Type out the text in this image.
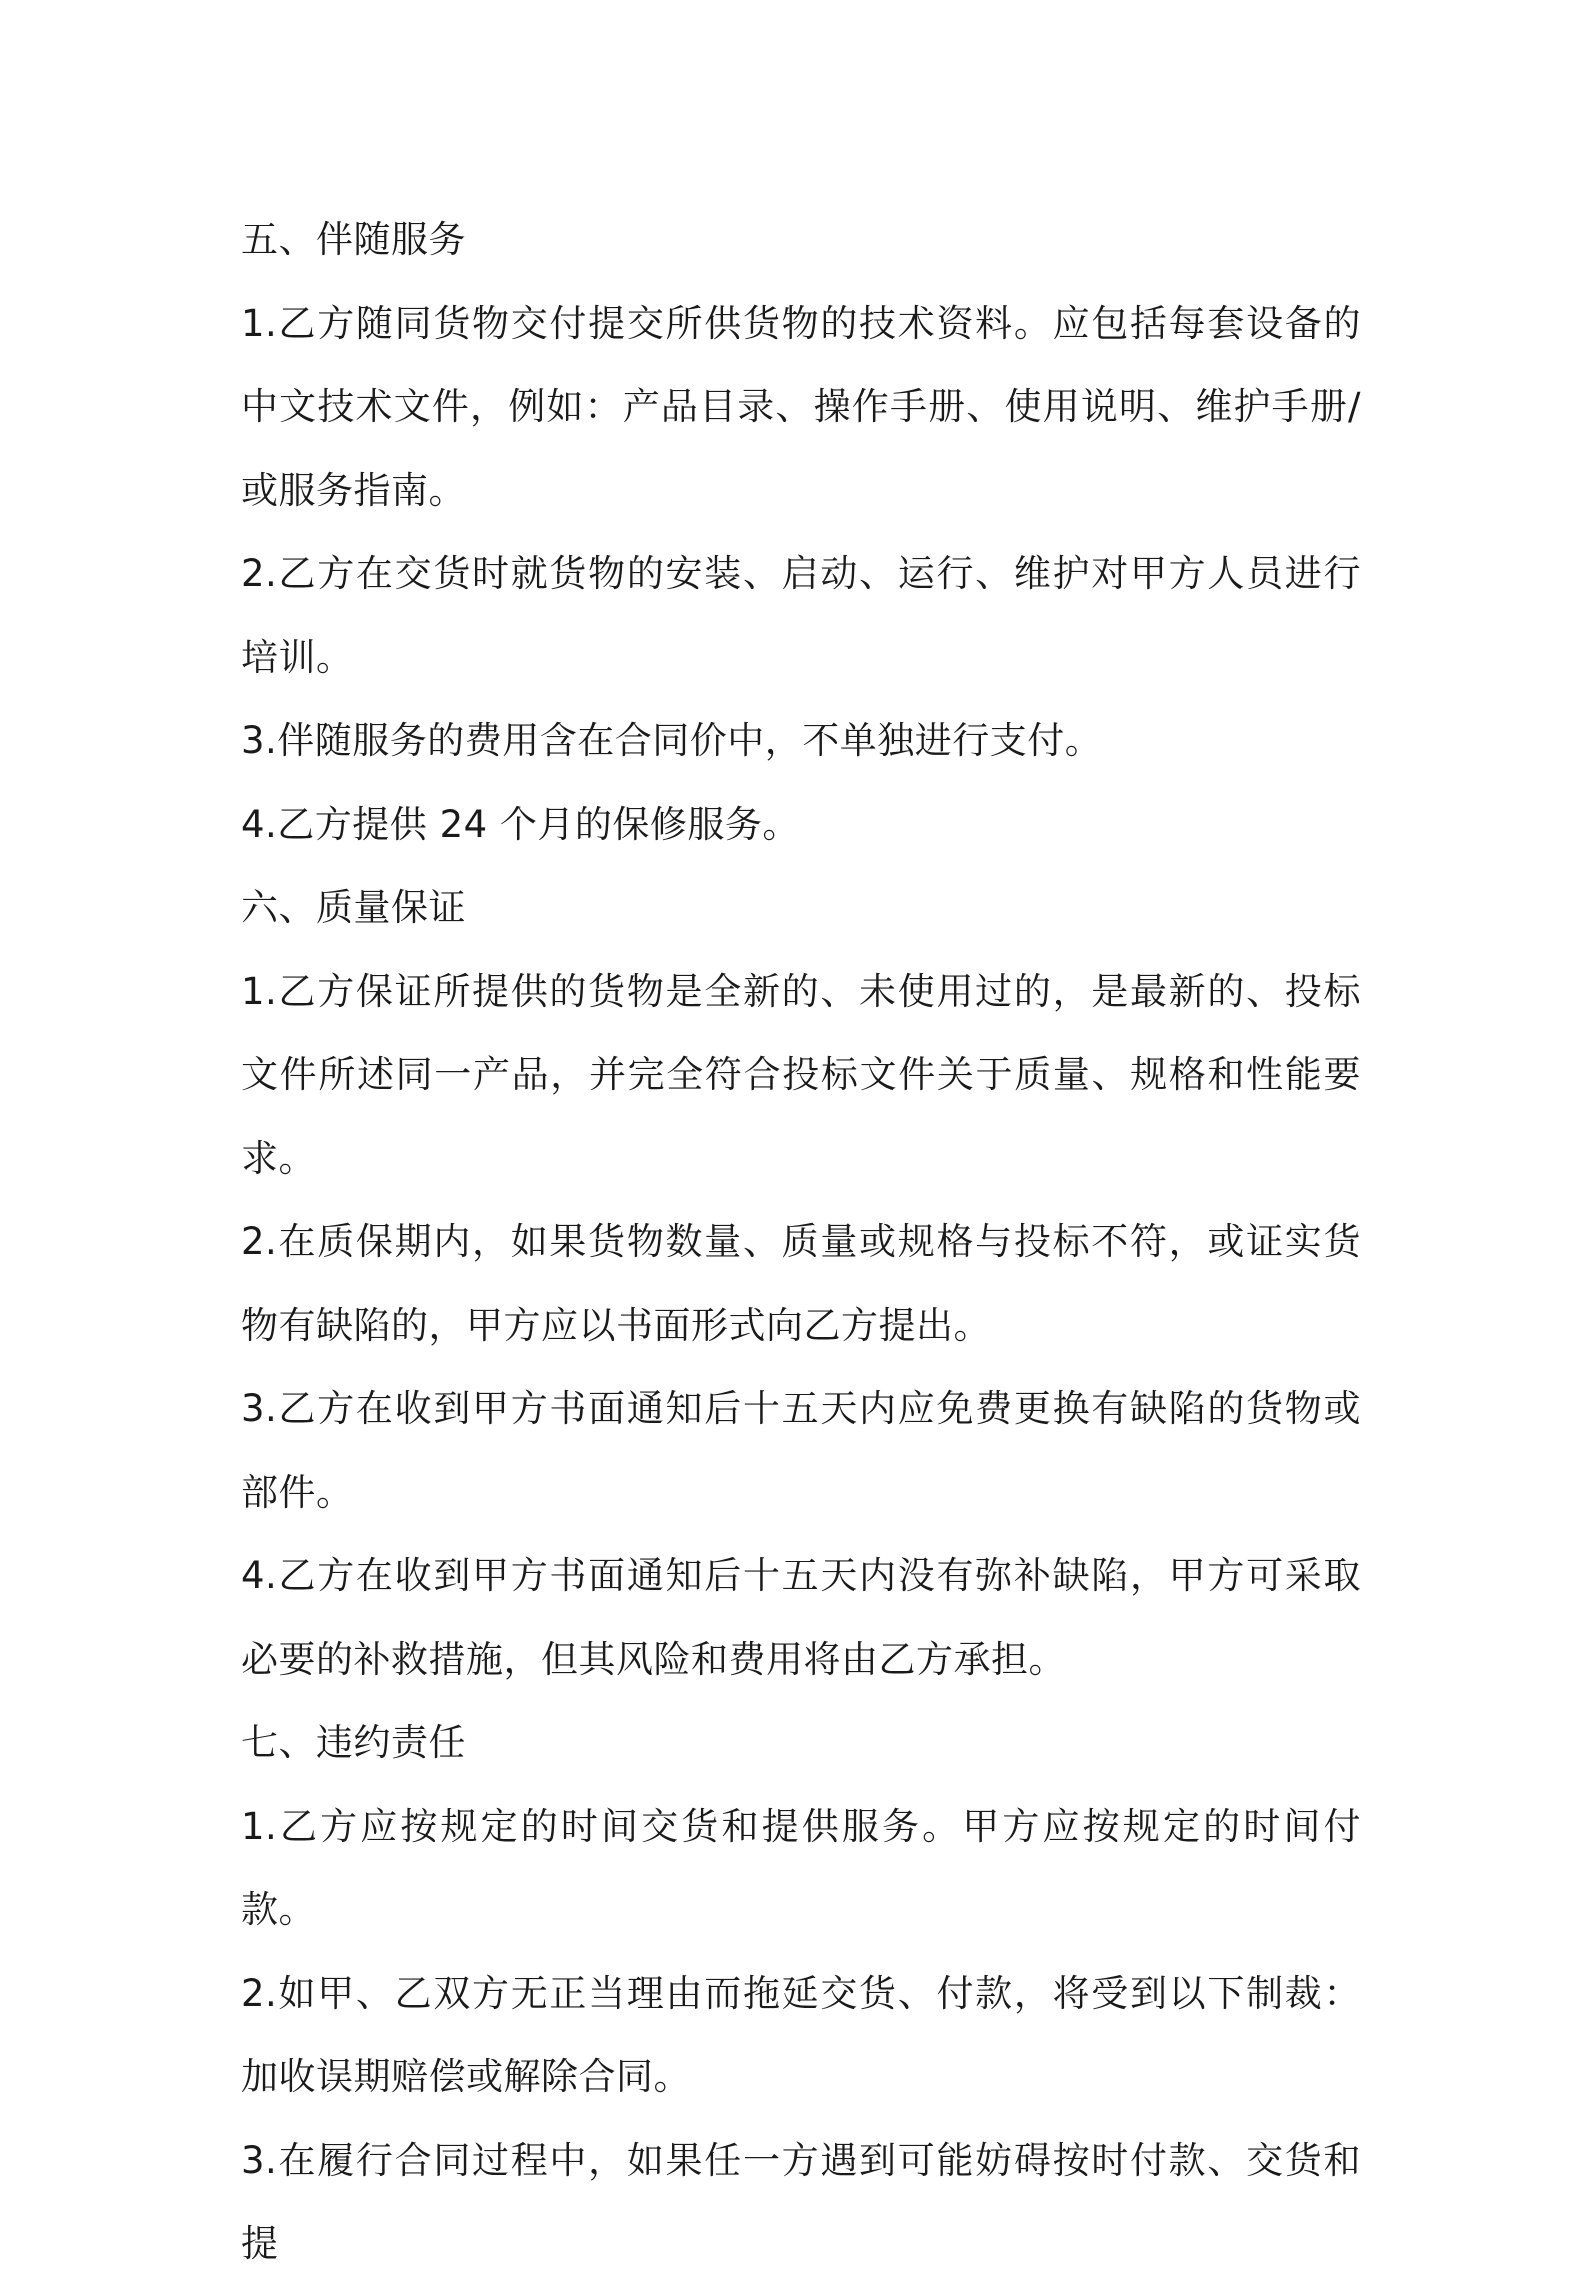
五、伴随服务

1.乙方随同货物交付提交所供货物的技术资料。应包括每套设备的中文技术文件，例如：产品目录、操作手册、使用说明、维护手册/或服务指南。

2.乙方在交货时就货物的安装、启动、运行、维护对甲方人员进行培训。

3.伴随服务的费用含在合同价中，不单独进行支付。

4.乙方提供 24 个月的保修服务。

六、质量保证

1.乙方保证所提供的货物是全新的、未使用过的，是最新的、投标文件所述同一产品，并完全符合投标文件关于质量、规格和性能要求。

2.在质保期内，如果货物数量、质量或规格与投标不符，或证实货物有缺陷的，甲方应以书面形式向乙方提出。

3.乙方在收到甲方书面通知后十五天内应免费更换有缺陷的货物或部件。

4.乙方在收到甲方书面通知后十五天内没有弥补缺陷，甲方可采取必要的补救措施，但其风险和费用将由乙方承担。

七、违约责任

1.乙方应按规定的时间交货和提供服务。甲方应按规定的时间付款。

2.如甲、乙双方无正当理由而拖延交货、付款，将受到以下制裁：加收误期赔偿或解除合同。

3.在履行合同过程中，如果任一方遇到可能妨碍按时付款、交货和提
